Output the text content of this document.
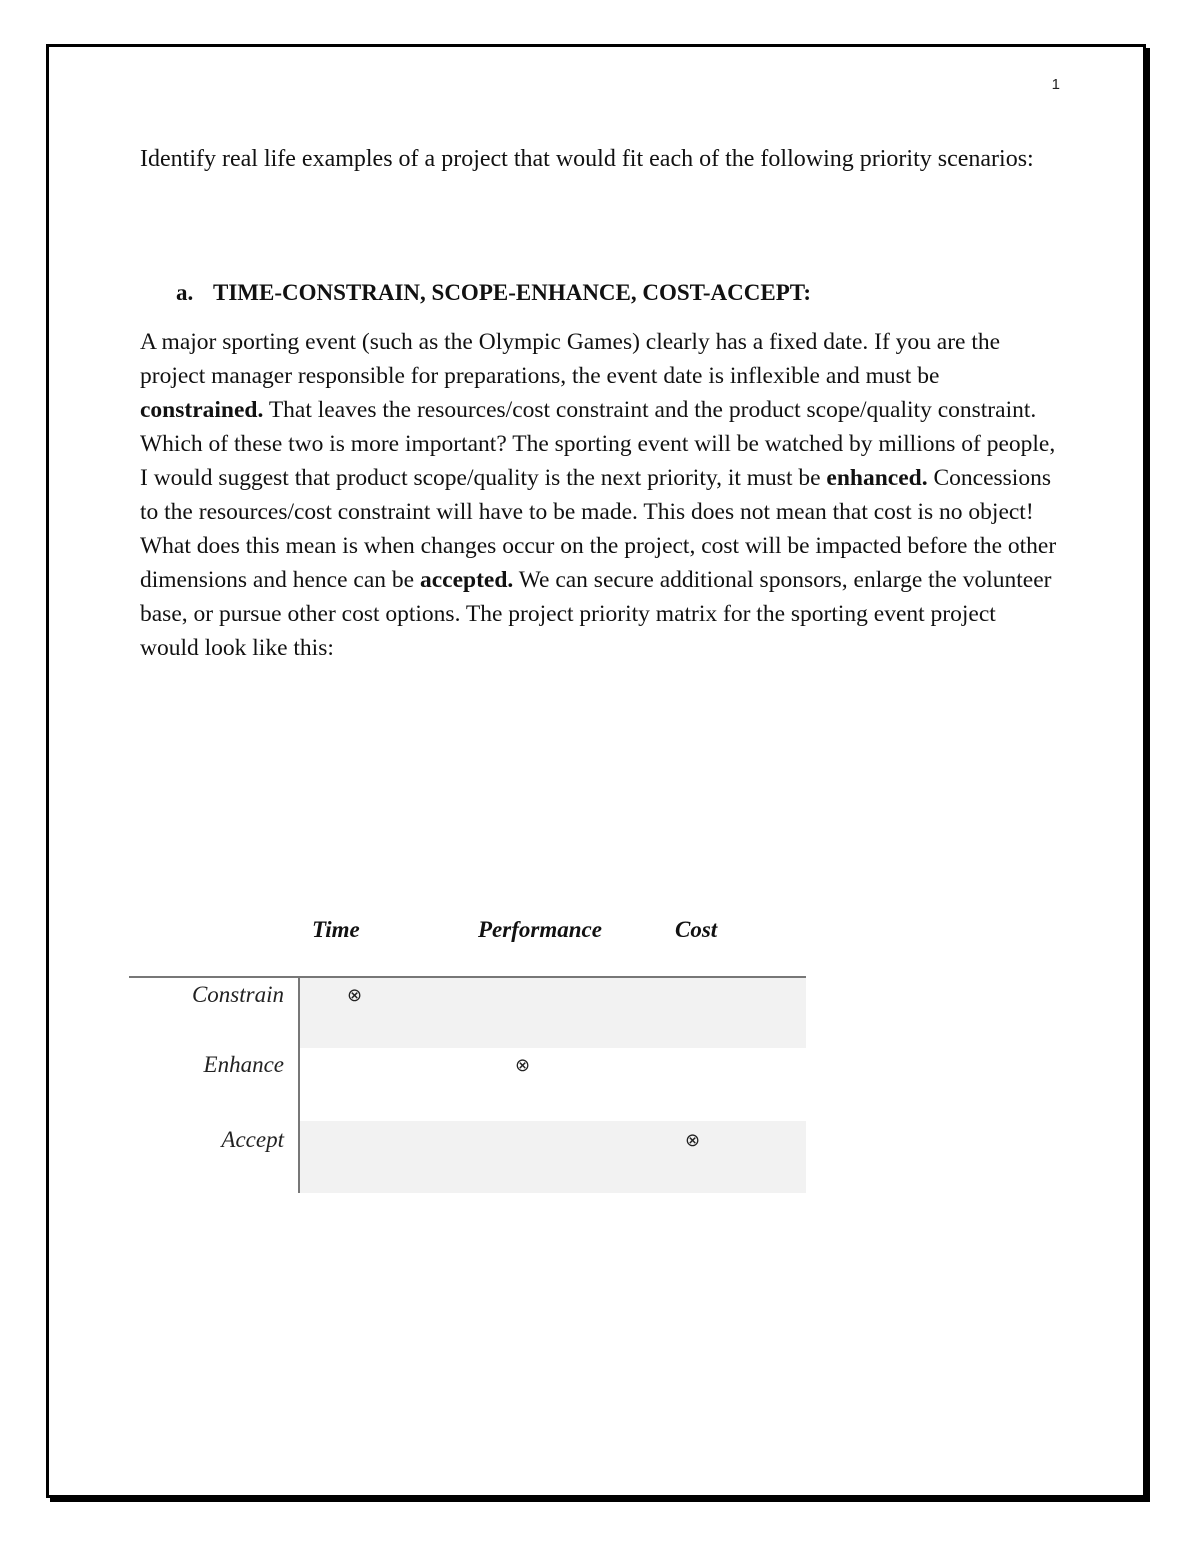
1

Identify real life examples of a project that would fit each of the following priority scenarios:

a. TIME-CONSTRAIN, SCOPE-ENHANCE, COST-ACCEPT:

A major sporting event (such as the Olympic Games) clearly has a fixed date. If you are the project manager responsible for preparations, the event date is inflexible and must be constrained. That leaves the resources/cost constraint and the product scope/quality constraint. Which of these two is more important? The sporting event will be watched by millions of people, I would suggest that product scope/quality is the next priority, it must be enhanced. Concessions to the resources/cost constraint will have to be made. This does not mean that cost is no object! What does this mean is when changes occur on the project, cost will be impacted before the other dimensions and hence can be accepted. We can secure additional sponsors, enlarge the volunteer base, or pursue other cost options. The project priority matrix for the sporting event project would look like this:

Time	Performance	Cost
Constrain
Enhance
Accept
⊗
⊗
⊗
